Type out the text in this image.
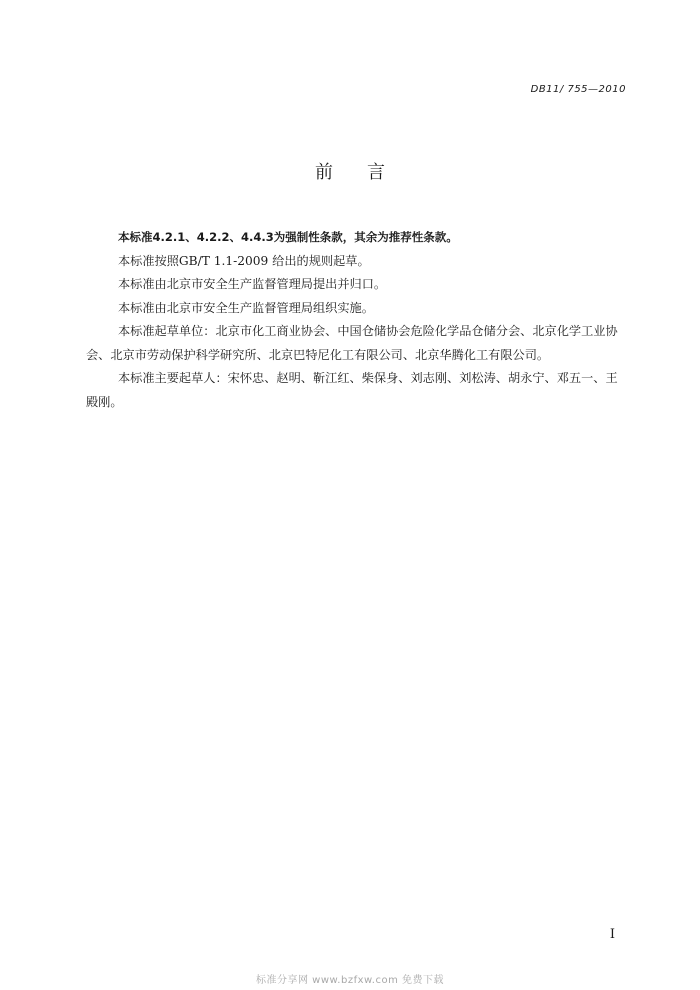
DB11/ 755—2010
前言

本标准4.2.1、4.2.2、4.4.3为强制性条款，其余为推荐性条款。

本标准按照GB/T 1.1-2009 给出的规则起草。

本标准由北京市安全生产监督管理局提出并归口。

本标准由北京市安全生产监督管理局组织实施。

本标准起草单位：北京市化工商业协会、中国仓储协会危险化学品仓储分会、北京化学工业协会、北京市劳动保护科学研究所、北京巴特尼化工有限公司、北京华腾化工有限公司。

本标准主要起草人：宋怀忠、赵明、靳江红、柴保身、刘志刚、刘松涛、胡永宁、邓五一、王殿刚。

I
标准分享网 www.bzfxw.com 免费下载
